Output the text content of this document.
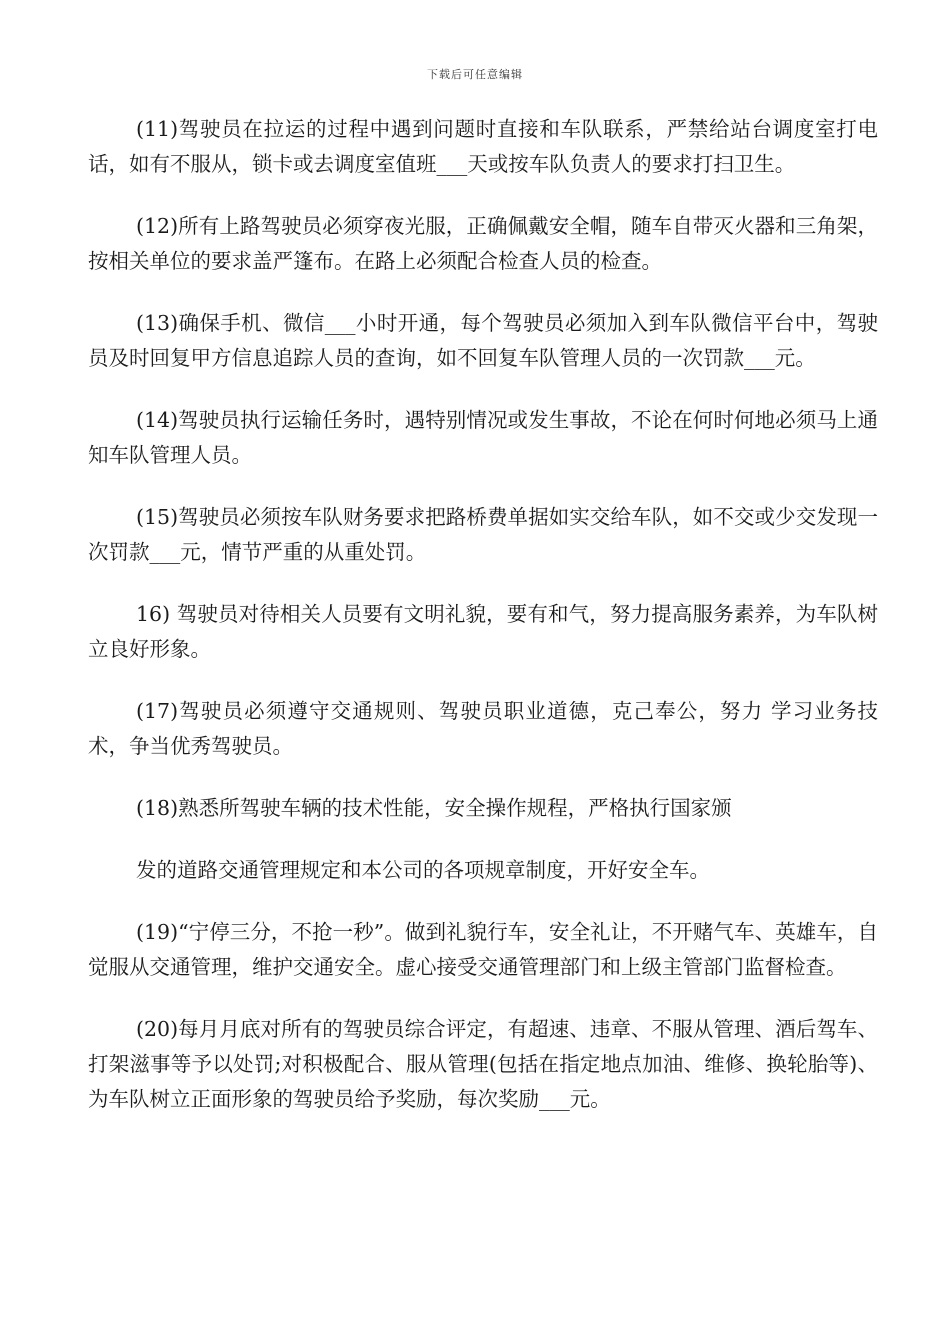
下载后可任意编辑

(11)驾驶员在拉运的过程中遇到问题时直接和车队联系，严禁给站台调度室打电话，如有不服从，锁卡或去调度室值班___天或按车队负责人的要求打扫卫生。

(12)所有上路驾驶员必须穿夜光服，正确佩戴安全帽，随车自带灭火器和三角架，按相关单位的要求盖严篷布。在路上必须配合检查人员的检查。

(13)确保手机、微信___小时开通，每个驾驶员必须加入到车队微信平台中，驾驶员及时回复甲方信息追踪人员的查询，如不回复车队管理人员的一次罚款___元。

(14)驾驶员执行运输任务时，遇特别情况或发生事故，不论在何时何地必须马上通知车队管理人员。

(15)驾驶员必须按车队财务要求把路桥费单据如实交给车队，如不交或少交发现一次罚款___元，情节严重的从重处罚。

16) 驾驶员对待相关人员要有文明礼貌，要有和气，努力提高服务素养，为车队树立良好形象。

(17)驾驶员必须遵守交通规则、驾驶员职业道德，克己奉公，努力 学习业务技术，争当优秀驾驶员。

(18)熟悉所驾驶车辆的技术性能，安全操作规程，严格执行国家颁

发的道路交通管理规定和本公司的各项规章制度，开好安全车。

(19)“宁停三分，不抢一秒”。做到礼貌行车，安全礼让，不开赌气车、英雄车，自觉服从交通管理，维护交通安全。虚心接受交通管理部门和上级主管部门监督检查。

(20)每月月底对所有的驾驶员综合评定，有超速、违章、不服从管理、酒后驾车、打架滋事等予以处罚;对积极配合、服从管理(包括在指定地点加油、维修、换轮胎等)、为车队树立正面形象的驾驶员给予奖励，每次奖励___元。
